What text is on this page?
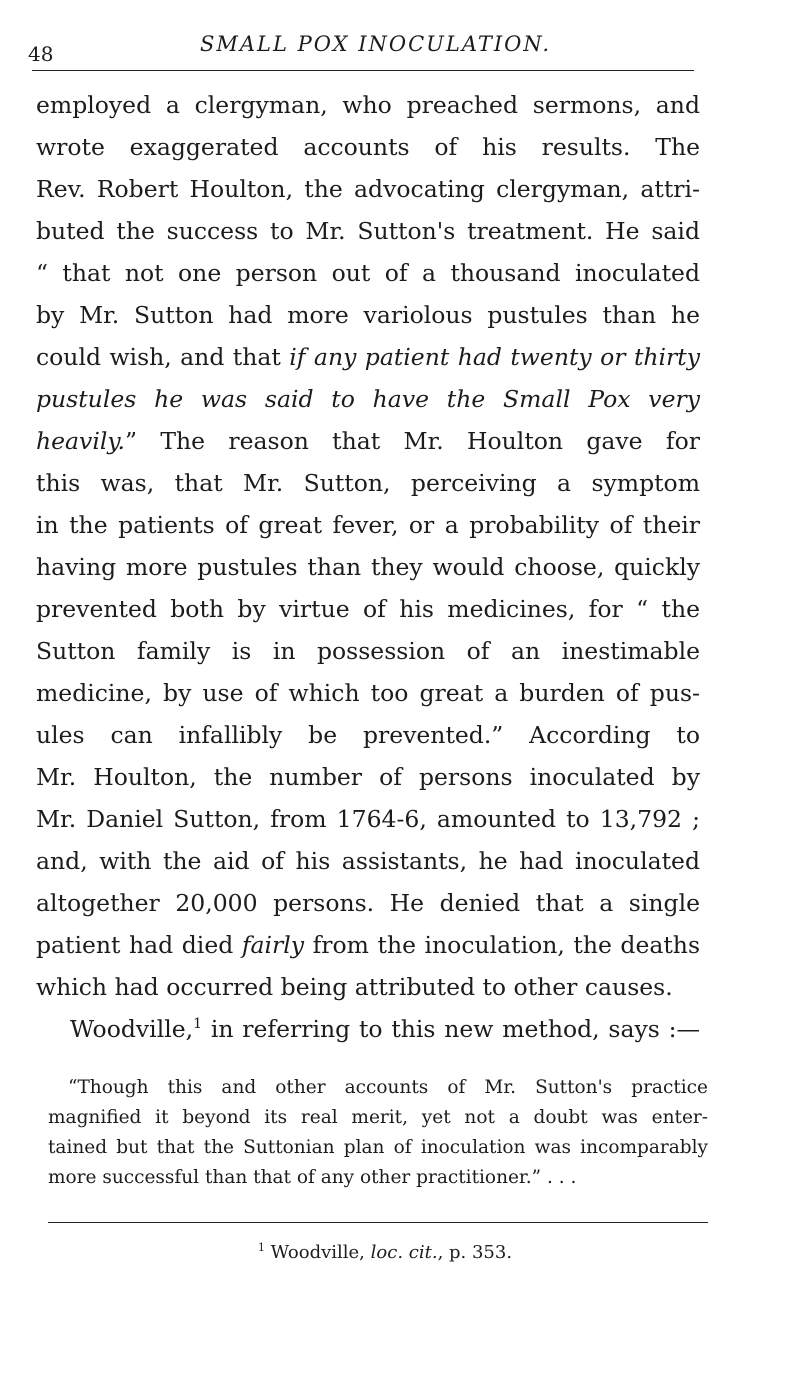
48	SMALL POX INOCULATION.
employed a clergyman, who preached sermons, and
wrote exaggerated accounts of his results. The
Rev. Robert Houlton, the advocating clergyman, attri-
buted the success to Mr. Sutton's treatment. He said
“ that not one person out of a thousand inoculated
by Mr. Sutton had more variolous pustules than he
could wish, and that if any patient had twenty or thirty
pustules he was said to have the Small Pox very
heavily.” The reason that Mr. Houlton gave for
this was, that Mr. Sutton, perceiving a symptom
in the patients of great fever, or a probability of their
having more pustules than they would choose, quickly
prevented both by virtue of his medicines, for “ the
Sutton family is in possession of an inestimable
medicine, by use of which too great a burden of pus-
ules can infallibly be prevented.” According to
Mr. Houlton, the number of persons inoculated by
Mr. Daniel Sutton, from 1764-6, amounted to 13,792 ;
and, with the aid of his assistants, he had inoculated
altogether 20,000 persons. He denied that a single
patient had died fairly from the inoculation, the deaths
which had occurred being attributed to other causes.
Woodville,$^1$ in referring to this new method, says :—
“Though this and other accounts of Mr. Sutton's practice
magnified it beyond its real merit, yet not a doubt was enter-
tained but that the Suttonian plan of inoculation was incomparably
more successful than that of any other practitioner.” . . .
$^1$ Woodville, loc. cit., p. 353.
